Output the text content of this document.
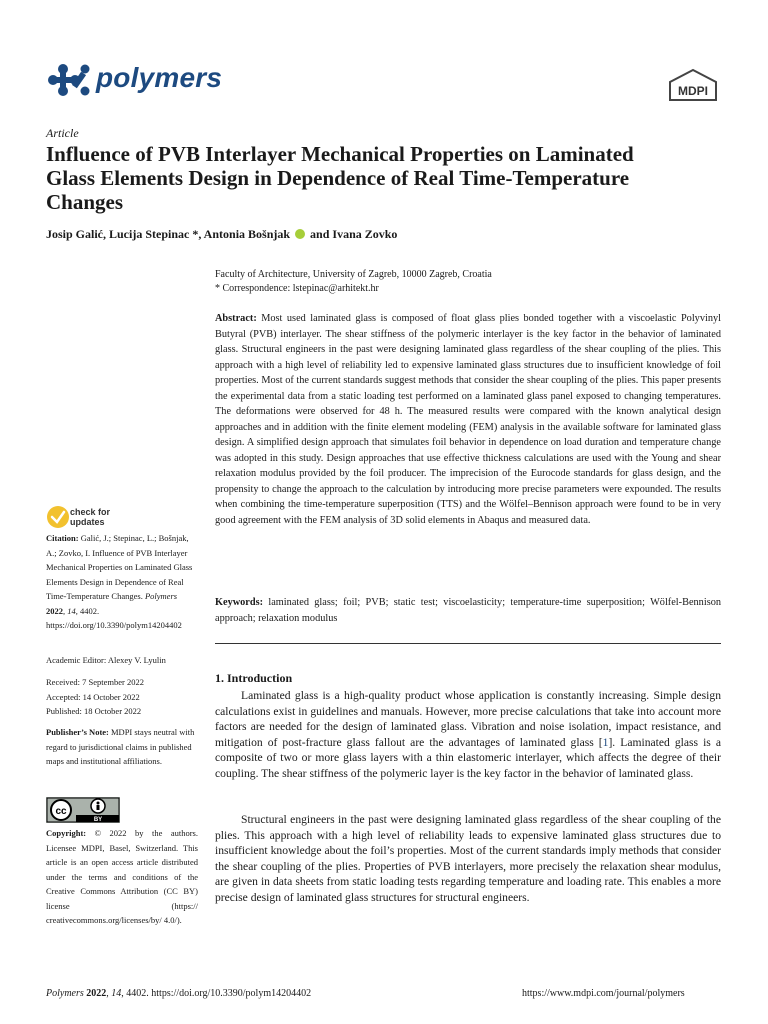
polymers	MDPI
Article
Influence of PVB Interlayer Mechanical Properties on Laminated Glass Elements Design in Dependence of Real Time-Temperature Changes
Josip Galić, Lucija Stepinac *, Antonia Bošnjak  and Ivana Zovko
Faculty of Architecture, University of Zagreb, 10000 Zagreb, Croatia
* Correspondence: lstepinac@arhitekt.hr

Abstract: Most used laminated glass is composed of float glass plies bonded together with a viscoelastic Polyvinyl Butyral (PVB) interlayer. The shear stiffness of the polymeric interlayer is the key factor in the behavior of laminated glass. Structural engineers in the past were designing laminated glass regardless of the shear coupling of the plies. This approach with a high level of reliability led to expensive laminated glass structures due to insufficient knowledge of foil properties. Most of the current standards suggest methods that consider the shear coupling of the plies. This paper presents the experimental data from a static loading test performed on a laminated glass panel exposed to changing temperatures. The deformations were observed for 48 h. The measured results were compared with the known analytical design approaches and in addition with the finite element modeling (FEM) analysis in the available software for laminated glass design. A simplified design approach that simulates foil behavior in dependence on load duration and temperature change was adopted in this study. Design approaches that use effective thickness calculations are used with the Young and shear relaxation modulus provided by the foil producer. The imprecision of the Eurocode standards for glass design, and the propensity to change the approach to the calculation by introducing more precise parameters were expounded. The results when combining the time-temperature superposition (TTS) and the Wölfel–Bennison approach were found to be in very good agreement with the FEM analysis of 3D solid elements in Abaqus and measured data.

Keywords: laminated glass; foil; PVB; static test; viscoelasticity; temperature-time superposition; Wölfel-Bennison approach; relaxation modulus

1. Introduction

Laminated glass is a high-quality product whose application is constantly increasing. Simple design calculations exist in guidelines and manuals. However, more precise calculations that take into account more factors are needed for the design of laminated glass. Vibration and noise isolation, impact resistance, and mitigation of post-fracture glass fallout are the advantages of laminated glass [1]. Laminated glass is a composite of two or more glass layers with a thin elastomeric interlayer, which affects the degree of their coupling. The shear stiffness of the polymeric layer is the key factor in the behavior of laminated glass.

Structural engineers in the past were designing laminated glass regardless of the shear coupling of the plies. This approach with a high level of reliability leads to expensive laminated glass structures due to insufficient knowledge about the foil’s properties. Most of the current standards imply methods that consider the shear coupling of the plies. Properties of PVB interlayers, more precisely the relaxation shear modulus, are given in data sheets from static loading tests regarding temperature and loading rate. This enables a more precise design of laminated glass structures for structural engineers.

check for
updates

Citation: Galić, J.; Stepinac, L.; Bošnjak, A.; Zovko, I. Influence of PVB Interlayer Mechanical Properties on Laminated Glass Elements Design in Dependence of Real Time-Temperature Changes. Polymers 2022, 14, 4402. https://doi.org/10.3390/polym14204402

Academic Editor: Alexey V. Lyulin

Received: 7 September 2022
Accepted: 14 October 2022
Published: 18 October 2022

Publisher’s Note: MDPI stays neutral with regard to jurisdictional claims in published maps and institutional affiliations.

cc
BY

Copyright: © 2022 by the authors. Licensee MDPI, Basel, Switzerland. This article is an open access article distributed under the terms and conditions of the Creative Commons Attribution (CC BY) license (https:// creativecommons.org/licenses/by/ 4.0/).

Polymers 2022, 14, 4402. https://doi.org/10.3390/polym14204402	https://www.mdpi.com/journal/polymers
